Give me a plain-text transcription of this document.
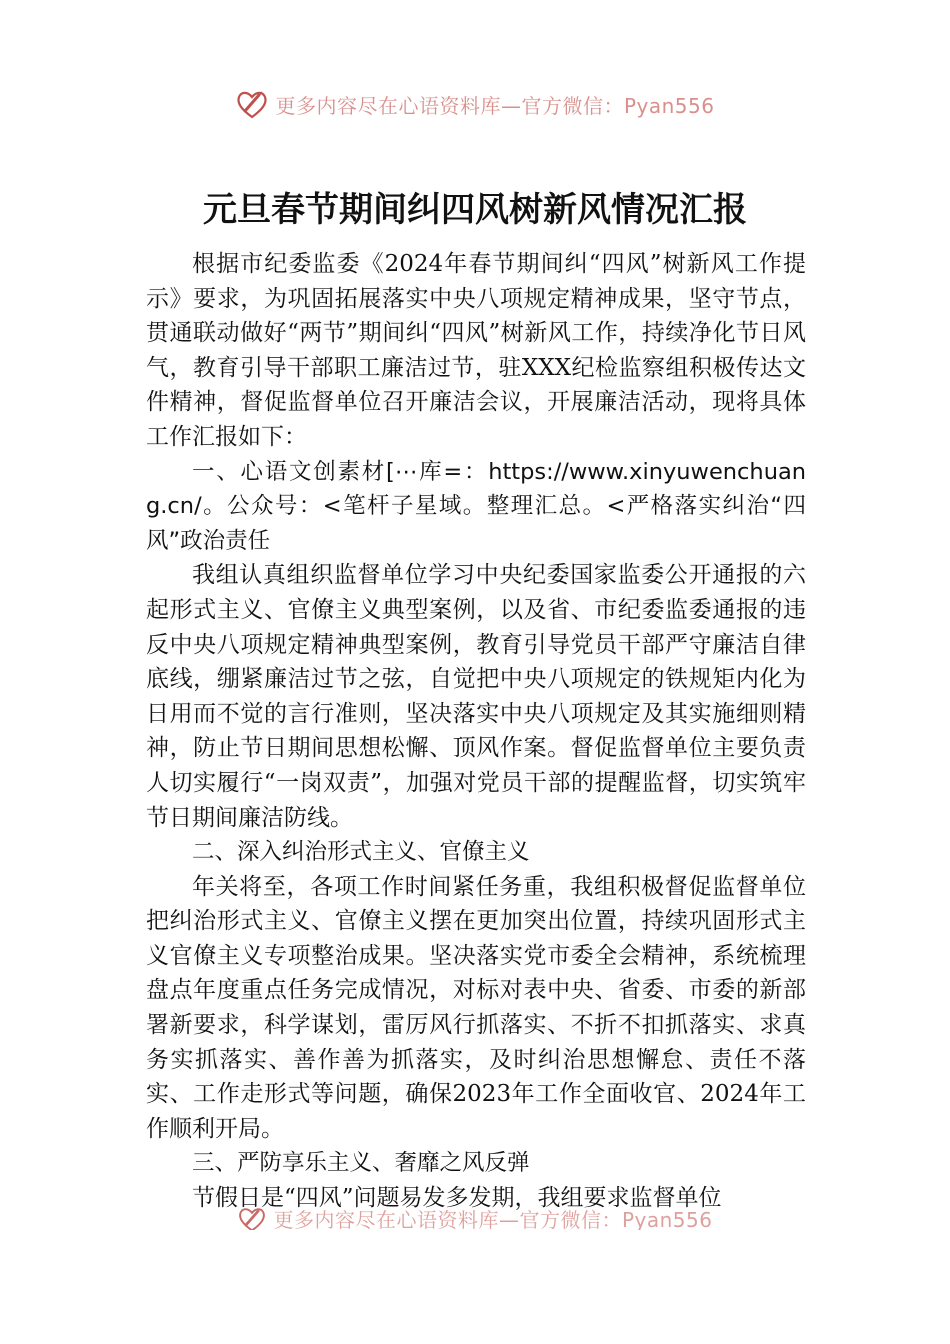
更多内容尽在心语资料库—官方微信：Pyan556
元旦春节期间纠四风树新风情况汇报

根据市纪委监委《2024年春节期间纠“四风”树新风工作提示》要求，为巩固拓展落实中央八项规定精神成果，坚守节点，贯通联动做好“两节”期间纠“四风”树新风工作，持续净化节日风气，教育引导干部职工廉洁过节，驻XXX纪检监察组积极传达文件精神，督促监督单位召开廉洁会议，开展廉洁活动，现将具体工作汇报如下：

一、心语文创素材[⋯库=：https://www.xinyuwenchuang.cn/。公众号：<笔杆子星域。整理汇总。<严格落实纠治“四风”政治责任

我组认真组织监督单位学习中央纪委国家监委公开通报的六起形式主义、官僚主义典型案例，以及省、市纪委监委通报的违反中央八项规定精神典型案例，教育引导党员干部严守廉洁自律底线，绷紧廉洁过节之弦，自觉把中央八项规定的铁规矩内化为日用而不觉的言行准则，坚决落实中央八项规定及其实施细则精神，防止节日期间思想松懈、顶风作案。督促监督单位主要负责人切实履行“一岗双责”，加强对党员干部的提醒监督，切实筑牢节日期间廉洁防线。

二、深入纠治形式主义、官僚主义

年关将至，各项工作时间紧任务重，我组积极督促监督单位把纠治形式主义、官僚主义摆在更加突出位置，持续巩固形式主义官僚主义专项整治成果。坚决落实党市委全会精神，系统梳理盘点年度重点任务完成情况，对标对表中央、省委、市委的新部署新要求，科学谋划，雷厉风行抓落实、不折不扣抓落实、求真务实抓落实、善作善为抓落实，及时纠治思想懈怠、责任不落实、工作走形式等问题，确保2023年工作全面收官、2024年工作顺利开局。

三、严防享乐主义、奢靡之风反弹

节假日是“四风”问题易发多发期，我组要求监督单位

更多内容尽在心语资料库—官方微信：Pyan556
